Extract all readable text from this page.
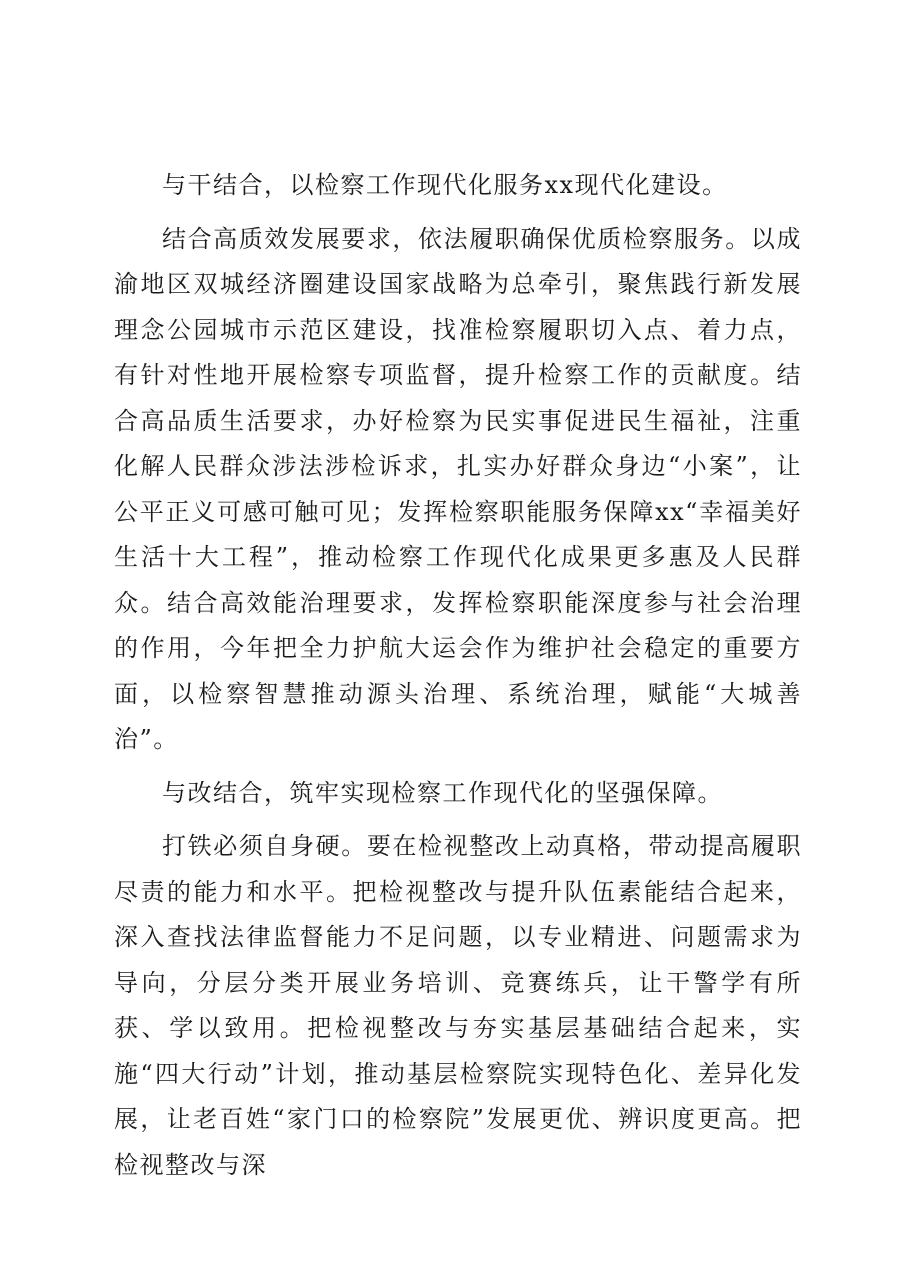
与干结合，以检察工作现代化服务xx现代化建设。

结合高质效发展要求，依法履职确保优质检察服务。以成渝地区双城经济圈建设国家战略为总牵引，聚焦践行新发展理念公园城市示范区建设，找准检察履职切入点、着力点，有针对性地开展检察专项监督，提升检察工作的贡献度。结合高品质生活要求，办好检察为民实事促进民生福祉，注重化解人民群众涉法涉检诉求，扎实办好群众身边“小案”，让公平正义可感可触可见；发挥检察职能服务保障xx“幸福美好生活十大工程”，推动检察工作现代化成果更多惠及人民群众。结合高效能治理要求，发挥检察职能深度参与社会治理的作用，今年把全力护航大运会作为维护社会稳定的重要方面，以检察智慧推动源头治理、系统治理，赋能“大城善治”。

与改结合，筑牢实现检察工作现代化的坚强保障。

打铁必须自身硬。要在检视整改上动真格，带动提高履职尽责的能力和水平。把检视整改与提升队伍素能结合起来，深入查找法律监督能力不足问题，以专业精进、问题需求为导向，分层分类开展业务培训、竞赛练兵，让干警学有所获、学以致用。把检视整改与夯实基层基础结合起来，实施“四大行动”计划，推动基层检察院实现特色化、差异化发展，让老百姓“家门口的检察院”发展更优、辨识度更高。把检视整改与深
